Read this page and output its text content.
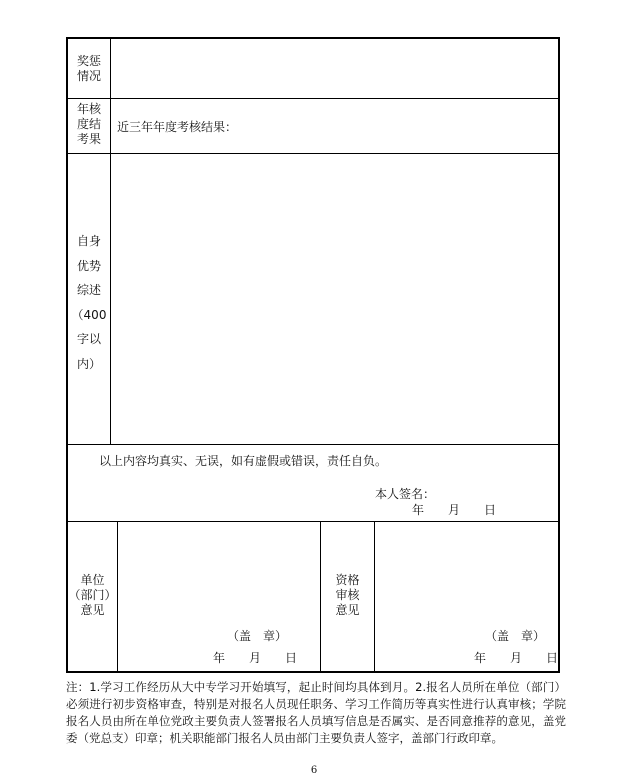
奖惩
情况
年核
度结
考果
近三年年度考核结果：
自身
优势
综述
（400
字以
内）
以上内容均真实、无误，如有虚假或错误，责任自负。
本人签名：
年　　月　　日
单位
（部门）
意见
（盖　章）
年　　月　　日
资格
审核
意见
（盖　章）
年　　月　　日
注：1.学习工作经历从大中专学习开始填写，起止时间均具体到月。2.报名人员所在单位（部门）必须进行初步资格审查，特别是对报名人员现任职务、学习工作简历等真实性进行认真审核；学院报名人员由所在单位党政主要负责人签署报名人员填写信息是否属实、是否同意推荐的意见，盖党委（党总支）印章；机关职能部门报名人员由部门主要负责人签字，盖部门行政印章。
6
